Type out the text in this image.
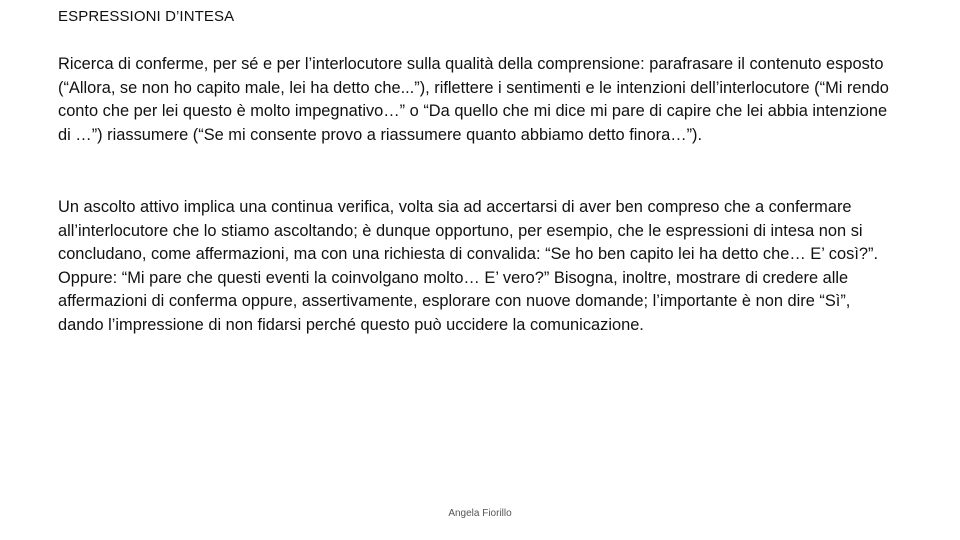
ESPRESSIONI D’INTESA
Ricerca di conferme, per sé e per l’interlocutore sulla qualità della comprensione: parafrasare il contenuto esposto (“Allora, se non ho capito male, lei ha detto che...”), riflettere i sentimenti e le intenzioni dell’interlocutore (“Mi rendo conto che per lei questo è molto impegnativo…” o “Da quello che mi dice mi pare di capire che lei abbia intenzione di …”) riassumere (“Se mi consente provo a riassumere quanto abbiamo detto finora…”).
Un ascolto attivo implica una continua verifica, volta sia ad accertarsi di aver ben compreso che a confermare all’interlocutore che lo stiamo ascoltando; è dunque opportuno, per esempio, che le espressioni di intesa non si concludano, come affermazioni, ma con una richiesta di convalida: “Se ho ben capito lei ha detto che… E’ così?”. Oppure: “Mi pare che questi eventi la coinvolgano molto… E’ vero?” Bisogna, inoltre, mostrare di credere alle affermazioni di conferma oppure, assertivamente, esplorare con nuove domande; l’importante è non dire “Sì”, dando l’impressione di non fidarsi perché questo può uccidere la comunicazione.
Angela Fiorillo
